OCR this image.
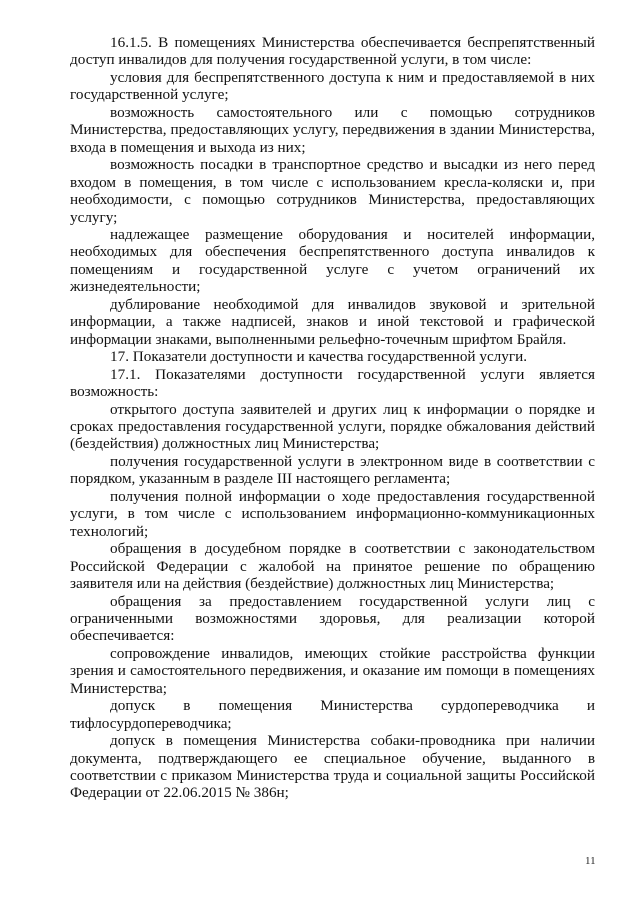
16.1.5. В помещениях Министерства обеспечивается беспрепятственный доступ инвалидов для получения государственной услуги, в том числе:

условия для беспрепятственного доступа к ним и предоставляемой в них государственной услуге;

возможность самостоятельного или с помощью сотрудников Министерства, предоставляющих услугу, передвижения в здании Министерства, входа в помещения и выхода из них;

возможность посадки в транспортное средство и высадки из него перед входом в помещения, в том числе с использованием кресла-коляски и, при необходимости, с помощью сотрудников Министерства, предоставляющих услугу;

надлежащее размещение оборудования и носителей информации, необходимых для обеспечения беспрепятственного доступа инвалидов к помещениям и государственной услуге с учетом ограничений их жизнедеятельности;

дублирование необходимой для инвалидов звуковой и зрительной информации, а также надписей, знаков и иной текстовой и графической информации знаками, выполненными рельефно-точечным шрифтом Брайля.

17. Показатели доступности и качества государственной услуги.

17.1. Показателями доступности государственной услуги является возможность:

открытого доступа заявителей и других лиц к информации о порядке и сроках предоставления государственной услуги, порядке обжалования действий (бездействия) должностных лиц Министерства;

получения государственной услуги в электронном виде в соответствии с порядком, указанным в разделе III настоящего регламента;

получения полной информации о ходе предоставления государственной услуги, в том числе с использованием информационно-коммуникационных технологий;

обращения в досудебном порядке в соответствии с законодательством Российской Федерации с жалобой на принятое решение по обращению заявителя или на действия (бездействие) должностных лиц Министерства;

обращения за предоставлением государственной услуги лиц с ограниченными возможностями здоровья, для реализации которой обеспечивается:

сопровождение инвалидов, имеющих стойкие расстройства функции зрения и самостоятельного передвижения, и оказание им помощи в помещениях Министерства;

допуск в помещения Министерства сурдопереводчика и тифлосурдопереводчика;

допуск в помещения Министерства собаки-проводника при наличии документа, подтверждающего ее специальное обучение, выданного в соответствии с приказом Министерства труда и социальной защиты Российской Федерации от 22.06.2015 № 386н;

11
